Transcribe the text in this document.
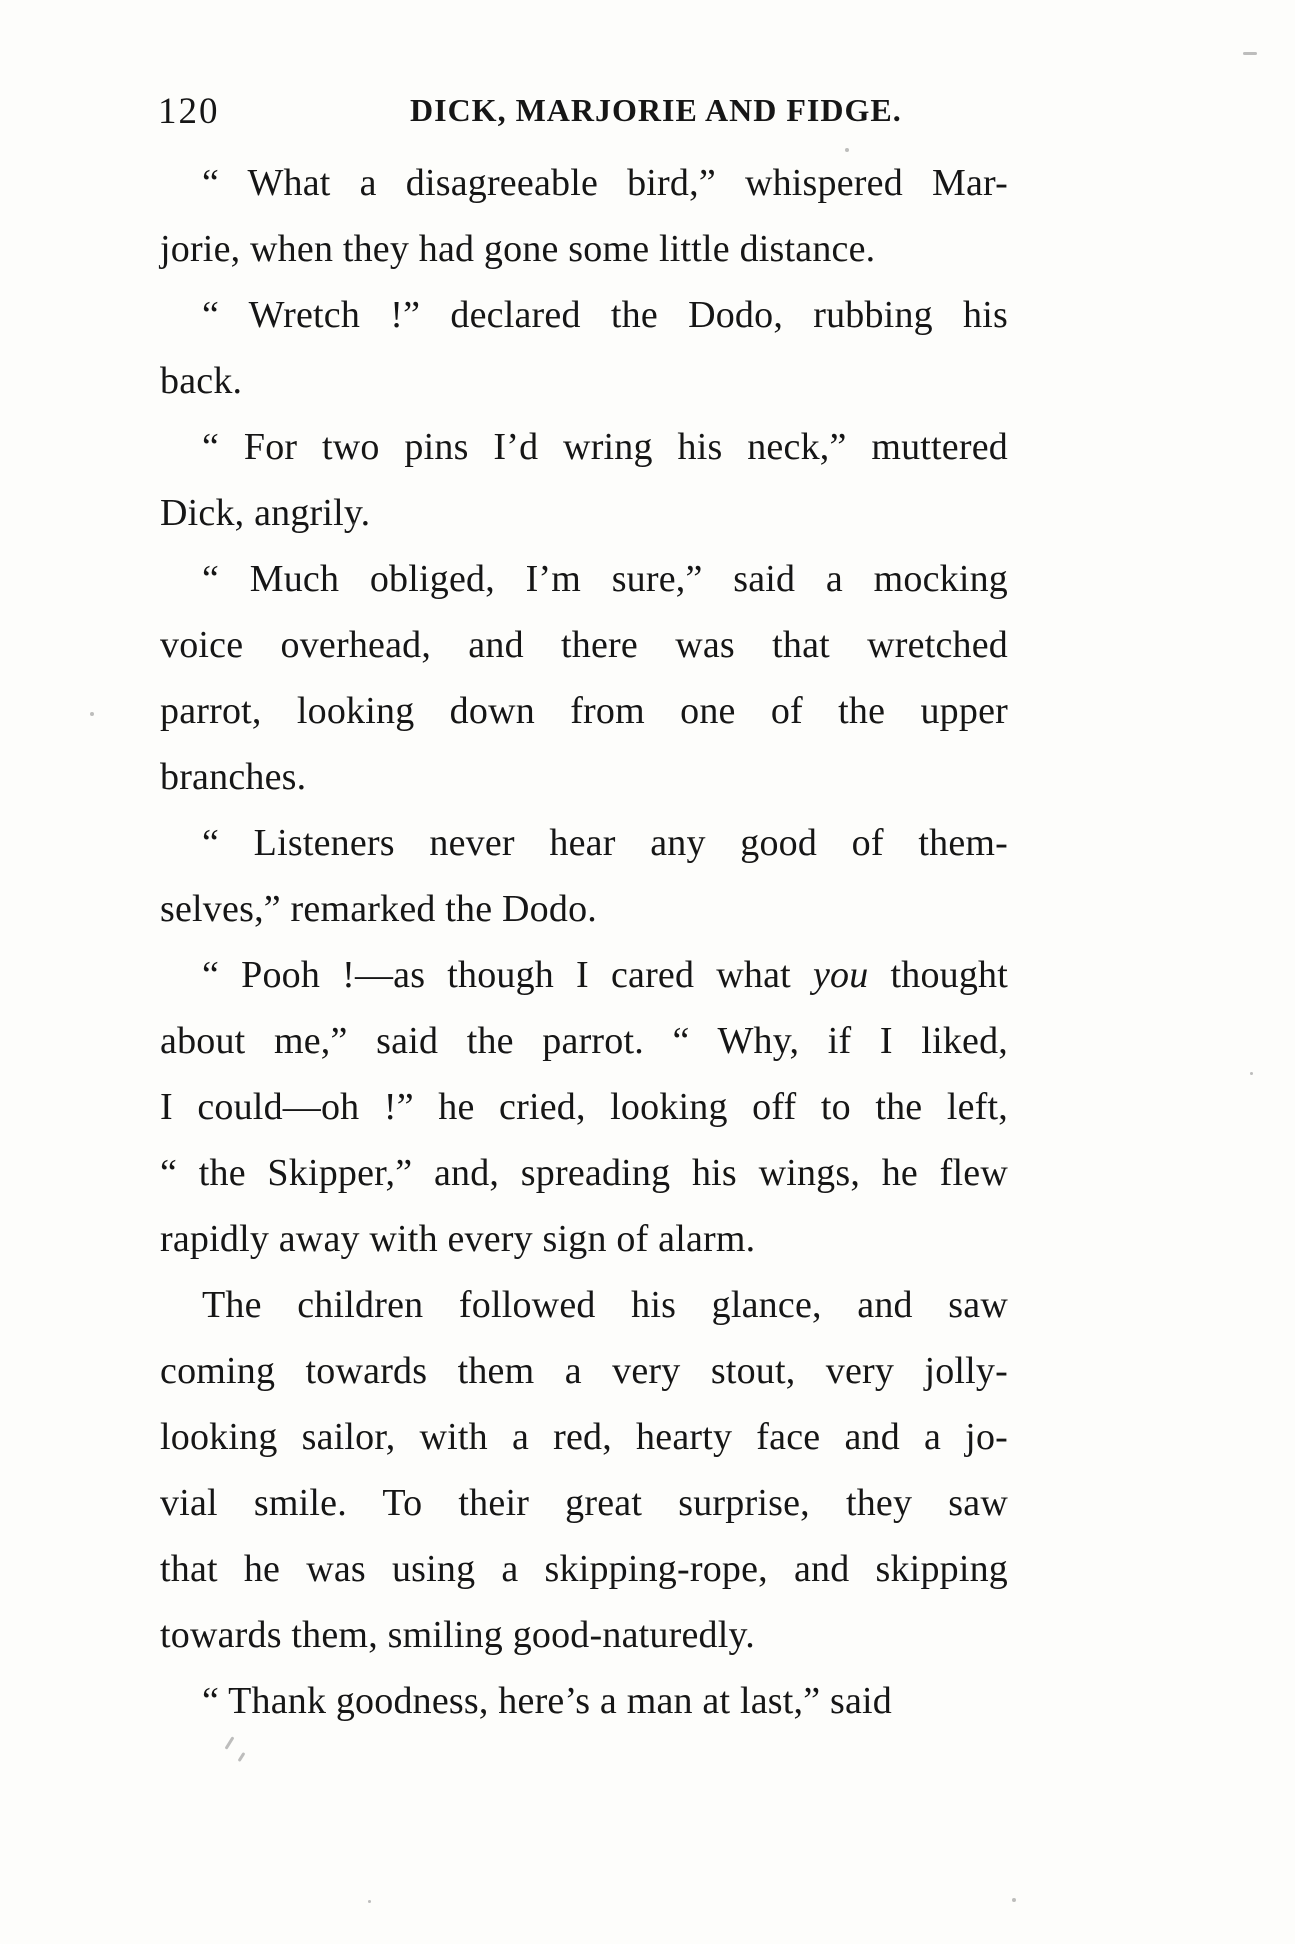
120	DICK, MARJORIE AND FIDGE.
“ What a disagreeable bird,” whispered Mar-
jorie, when they had gone some little distance.
“ Wretch !” declared the Dodo, rubbing his
back.
“ For two pins I’d wring his neck,” muttered
Dick, angrily.
“ Much obliged, I’m sure,” said a mocking
voice overhead, and there was that wretched
parrot, looking down from one of the upper
branches.
“ Listeners never hear any good of them-
selves,” remarked the Dodo.
“ Pooh !—as though I cared what you thought
about me,” said the parrot. “ Why, if I liked,
I could—oh !” he cried, looking off to the left,
“ the Skipper,” and, spreading his wings, he flew
rapidly away with every sign of alarm.
The children followed his glance, and saw
coming towards them a very stout, very jolly-
looking sailor, with a red, hearty face and a jo-
vial smile. To their great surprise, they saw
that he was using a skipping-rope, and skipping
towards them, smiling good-naturedly.
“ Thank goodness, here’s a man at last,” said
